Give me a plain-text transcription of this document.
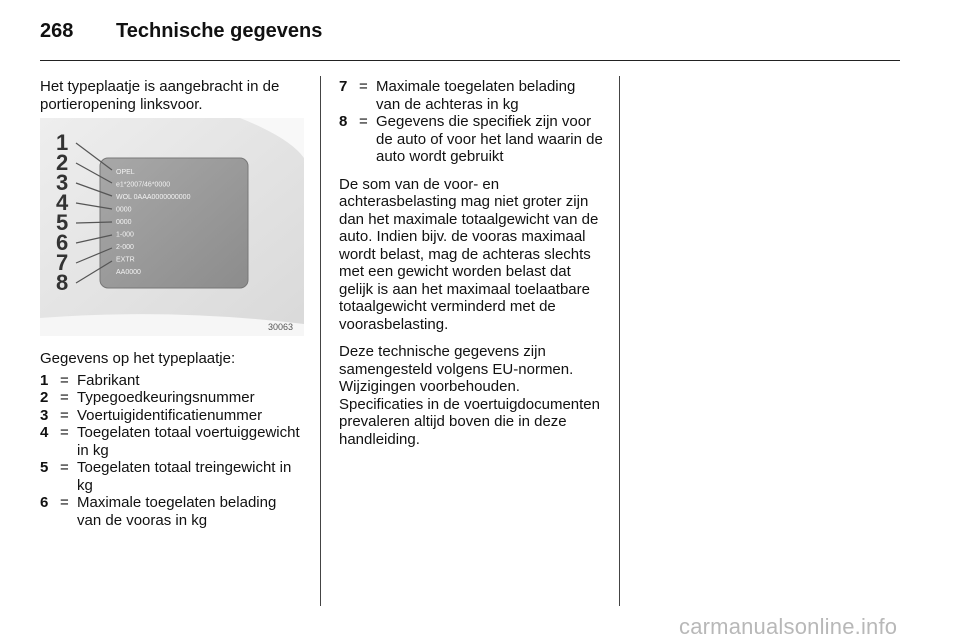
268 Technische gegevens

Het typeplaatje is aangebracht in de portieropening linksvoor.

1
2
3
4
5
6
7
8
OPEL
e1*2007/46*0000
WOL 0AAA0000000000
0000
0000
1-000
2-000
EXTR
AA0000
30063

Gegevens op het typeplaatje:

1 = Fabrikant
2 = Typegoedkeuringsnummer
3 = Voertuigidentificatienummer
4 = Toegelaten totaal voertuiggewicht in kg
5 = Toegelaten totaal treingewicht in kg
6 = Maximale toegelaten belading van de vooras in kg
7 = Maximale toegelaten belading van de achteras in kg
8 = Gegevens die specifiek zijn voor de auto of voor het land waarin de auto wordt gebruikt

De som van de voor- en achterasbelasting mag niet groter zijn dan het maximale totaalgewicht van de auto. Indien bijv. de vooras maximaal wordt belast, mag de achteras slechts met een gewicht worden belast dat gelijk is aan het maximaal toelaatbare totaalgewicht verminderd met de voorasbelasting.

Deze technische gegevens zijn samengesteld volgens EU-normen. Wijzigingen voorbehouden. Specificaties in de voertuigdocumenten prevaleren altijd boven die in deze handleiding.

carmanualsonline.info
